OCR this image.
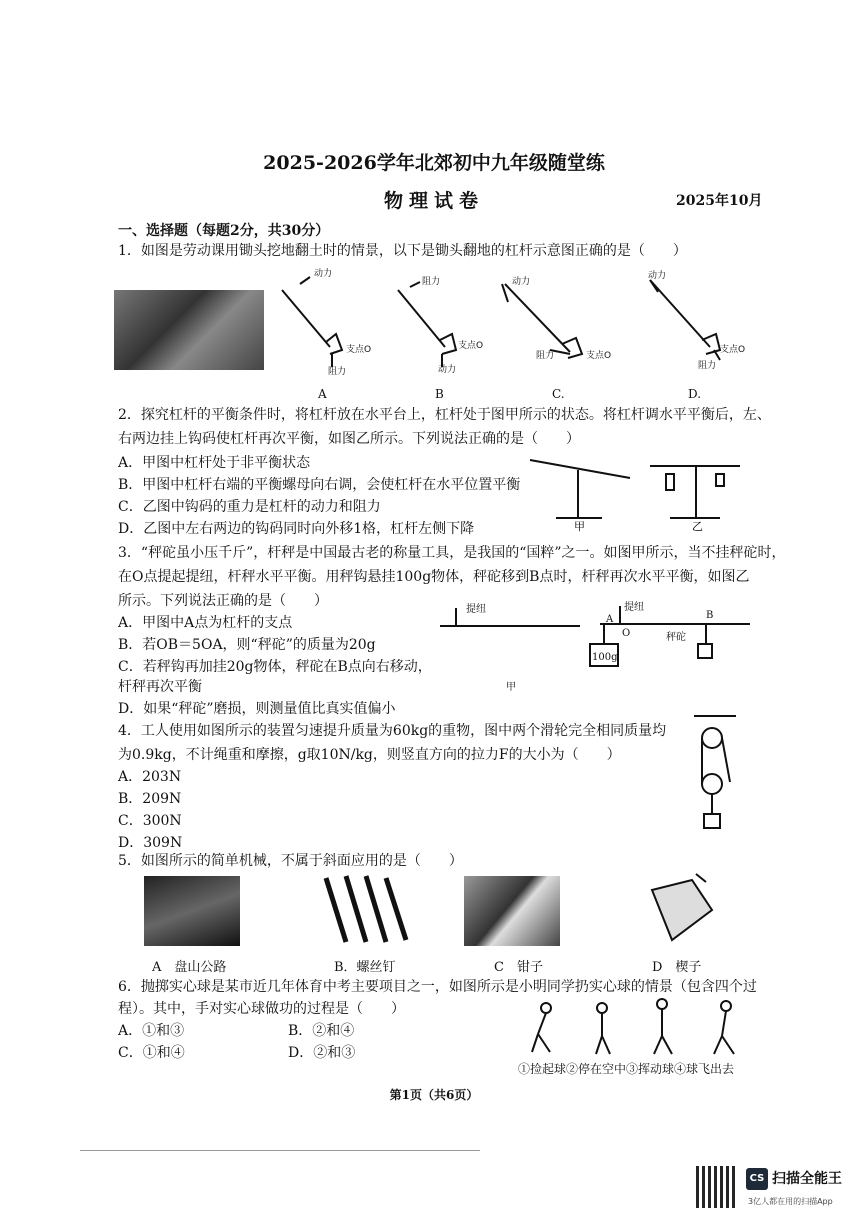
2025-2026学年北郊初中九年级随堂练
物理试卷	2025年10月
一、选择题（每题2分，共30分）
1．如图是劳动课用锄头挖地翻土时的情景，以下是锄头翻地的杠杆示意图正确的是（　　）
动力
支点O
阻力
阻力
支点O
动力
动力
阻力	支点O
动力
支点O
阻力
A	B	C.	D.
2．探究杠杆的平衡条件时，将杠杆放在水平台上，杠杆处于图甲所示的状态。将杠杆调水平平衡后，左、
右两边挂上钩码使杠杆再次平衡，如图乙所示。下列说法正确的是（　　）
A．甲图中杠杆处于非平衡状态
B．甲图中杠杆右端的平衡螺母向右调，会使杠杆在水平位置平衡
C．乙图中钩码的重力是杠杆的动力和阻力
D．乙图中左右两边的钩码同时向外移1格，杠杆左侧下降	甲	乙
3．“秤砣虽小压千斤”，杆秤是中国最古老的称量工具，是我国的“国粹”之一。如图甲所示，当不挂秤砣时，
在O点提起提纽，杆秤水平平衡。用秤钩悬挂100g物体，秤砣移到B点时，杆秤再次水平平衡，如图乙
所示。下列说法正确的是（　　）
A．甲图中A点为杠杆的支点
B．若OB＝5OA，则“秤砣”的质量为20g
C．若秤钩再加挂20g物体，秤砣在B点向右移动，
杆秤再次平衡
D．如果“秤砣”磨损，则测量值比真实值偏小
提纽	提纽
A
O
B
秤砣
100g
甲
4．工人使用如图所示的装置匀速提升质量为60kg的重物，图中两个滑轮完全相同质量均
为0.9kg，不计绳重和摩擦，g取10N/kg，则竖直方向的拉力F的大小为（　　）
A．203N
B．209N
C．300N
D．309N
5．如图所示的简单机械，不属于斜面应用的是（　　）
A　盘山公路	B．螺丝钉	C　钳子	D　楔子
6．抛掷实心球是某市近几年体育中考主要项目之一，如图所示是小明同学扔实心球的情景（包含四个过
程）。其中，手对实心球做功的过程是（　　）
A．①和③	B．②和④
C．①和④	D．②和③
①捡起球②停在空中③挥动球④球飞出去
第1页（共6页）
CS 扫描全能王
3亿人都在用的扫描App
